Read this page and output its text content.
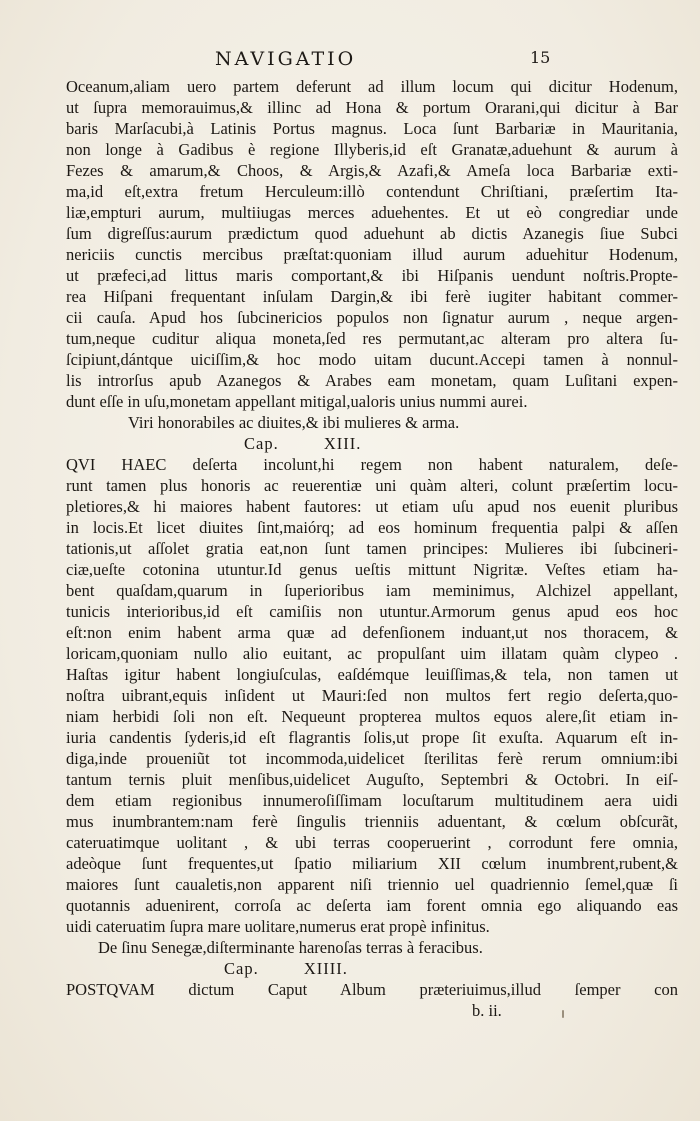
NAVIGATIO	15
Oceanum,aliam uero partem deferunt ad illum locum qui dicitur Hodenum,
ut ſupra memorauimus,& illinc ad Hona & portum Orarani,qui dicitur à Bar
baris Marſacubi,à Latinis Portus magnus. Loca ſunt Barbariæ in Mauritania,
non longe à Gadibus è regione Illyberis,id eſt Granatæ,aduehunt & aurum à
Fezes & amarum,& Choos, & Argis,& Azafi,& Ameſa loca Barbariæ exti-
ma,id eſt,extra fretum Herculeum:illò contendunt Chriſtiani, præſertim Ita-
liæ,empturi aurum, multiiugas merces aduehentes. Et ut eò congrediar unde
ſum digreſſus:aurum prædictum quod aduehunt ab dictis Azanegis ſiue Subci
nericiis cunctis mercibus præſtat:quoniam illud aurum aduehitur Hodenum,
ut præfeci,ad littus maris comportant,& ibi Hiſpanis uendunt noſtris.Propte-
rea Hiſpani frequentant inſulam Dargin,& ibi ferè iugiter habitant commer-
cii cauſa. Apud hos ſubcinericios populos non ſignatur aurum , neque argen-
tum,neque cuditur aliqua moneta,ſed res permutant,ac alteram pro altera ſu-
ſcipiunt,dántque uiciſſim,& hoc modo uitam ducunt.Accepi tamen à nonnul-
lis introrſus apub Azanegos & Arabes eam monetam, quam Luſitani expen-
dunt eſſe in uſu,monetam appellant mitigal,ualoris unius nummi aurei.
Viri honorabiles ac diuites,& ibi mulieres & arma.
Cap. XIII.
QVI HAEC deſerta incolunt,hi regem non habent naturalem, deſe-
runt tamen plus honoris ac reuerentiæ uni quàm alteri, colunt præſertim locu-
pletiores,& hi maiores habent fautores: ut etiam uſu apud nos euenit pluribus
in locis.Et licet diuites ſint,maiórq; ad eos hominum frequentia palpi & aſſen
tationis,ut aſſolet gratia eat,non ſunt tamen principes: Mulieres ibi ſubcineri-
ciæ,ueſte cotonina utuntur.Id genus ueſtis mittunt Nigritæ. Veſtes etiam ha-
bent quaſdam,quarum in ſuperioribus iam meminimus, Alchizel appellant,
tunicis interioribus,id eſt camiſiis non utuntur.Armorum genus apud eos hoc
eſt:non enim habent arma quæ ad defenſionem induant,ut nos thoracem, &
loricam,quoniam nullo alio euitant, ac propulſant uim illatam quàm clypeo .
Haſtas igitur habent longiuſculas, eaſdémque leuiſſimas,& tela, non tamen ut
noſtra uibrant,equis inſident ut Mauri:ſed non multos fert regio deſerta,quo-
niam herbidi ſoli non eſt. Nequeunt propterea multos equos alere,ſit etiam in-
iuria candentis ſyderis,id eſt flagrantis ſolis,ut prope ſit exuſta. Aquarum eſt in-
diga,inde proueniũt tot incommoda,uidelicet ſterilitas ferè rerum omnium:ibi
tantum ternis pluit menſibus,uidelicet Auguſto, Septembri & Octobri. In eiſ-
dem etiam regionibus innumeroſiſſimam locuſtarum multitudinem aera uidi
mus inumbrantem:nam ferè ſingulis trienniis aduentant, & cœlum obſcurãt,
cateruatimque uolitant , & ubi terras cooperuerint , corrodunt fere omnia,
adeòque ſunt frequentes,ut ſpatio miliarium XII cœlum inumbrent,rubent,&
maiores ſunt caualetis,non apparent niſi triennio uel quadriennio ſemel,quæ ſi
quotannis aduenirent, corroſa ac deſerta iam forent omnia ego aliquando eas
uidi cateruatim ſupra mare uolitare,numerus erat propè infinitus.
De ſinu Senegæ,diſterminante harenoſas terras à feracibus.
Cap. XIIII.
POSTQVAM dictum Caput Album præteriuimus,illud ſemper con
b. ii.
